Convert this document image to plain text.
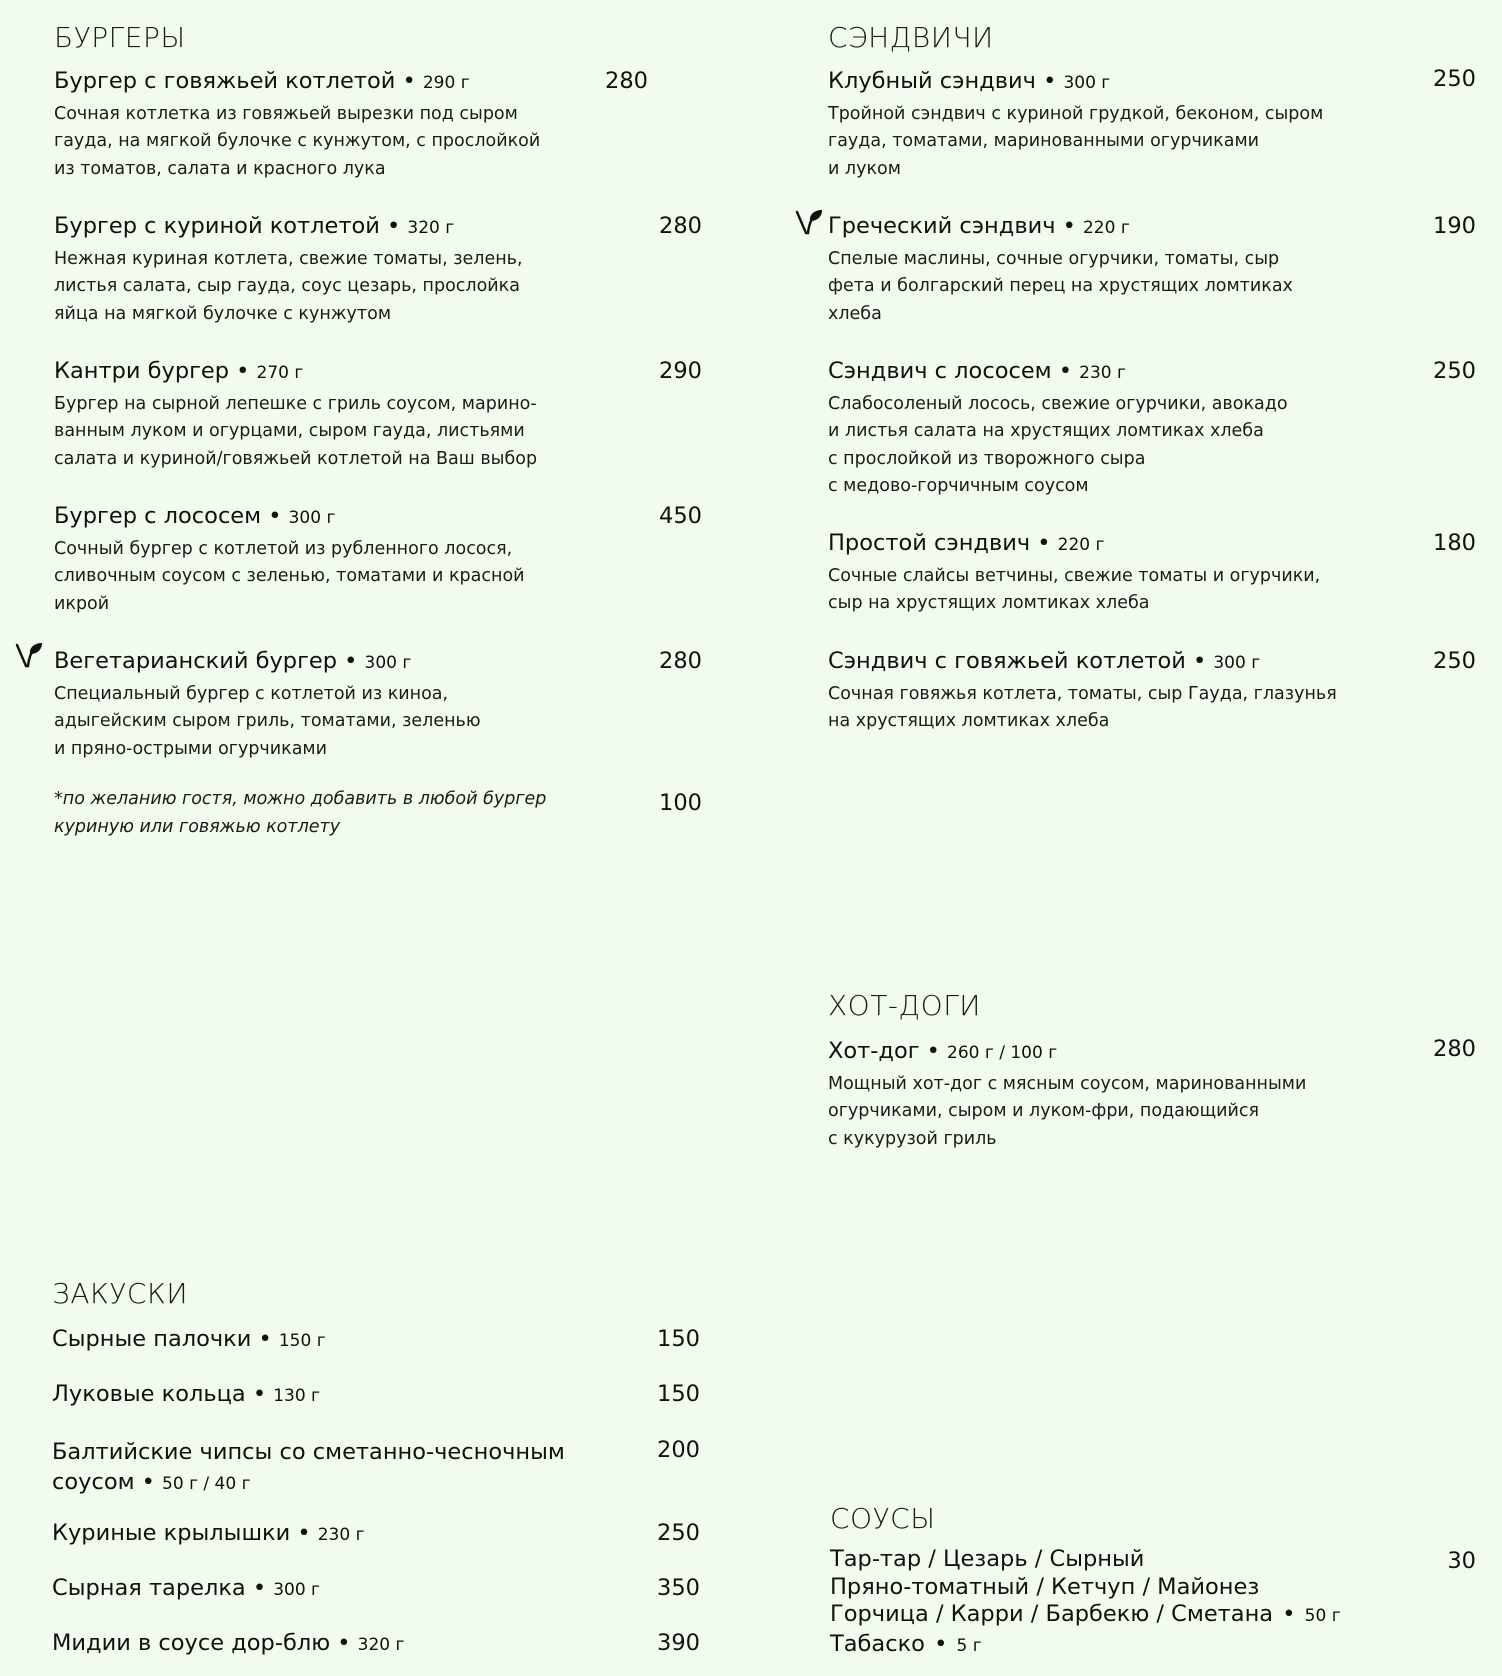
БУРГЕРЫ
Бургер с говяжьей котлетой • 290 г	280
Сочная котлетка из говяжьей вырезки под сыром
гауда, на мягкой булочке с кунжутом, с прослойкой
из томатов, салата и красного лука
Бургер с куриной котлетой • 320 г
Нежная куриная котлета, свежие томаты, зелень,
листья салата, сыр гауда, соус цезарь, прослойка
яйца на мягкой булочке с кунжутом
Кантри бургер • 270 г
Бургер на сырной лепешке с гриль соусом, марино-
ванным луком и огурцами, сыром гауда, листьями
салата и куриной/говяжьей котлетой на Ваш выбор
Бургер с лососем • 300 г
Сочный бургер с котлетой из рубленного лосося,
сливочным соусом с зеленью, томатами и красной
икрой
Вегетарианский бургер • 300 г
Специальный бургер с котлетой из киноа,
адыгейским сыром гриль, томатами, зеленью
и пряно-острыми огурчиками
*по желанию гостя, можно добавить в любой бургер
куриную или говяжью котлету
280
290
450
280
100
СЭНДВИЧИ
Клубный сэндвич • 300 г
Тройной сэндвич с куриной грудкой, беконом, сыром
гауда, томатами, маринованными огурчиками
и луком
Греческий сэндвич • 220 г
Спелые маслины, сочные огурчики, томаты, сыр
фета и болгарский перец на хрустящих ломтиках
хлеба
Сэндвич с лососем • 230 г
Слабосоленый лосось, свежие огурчики, авокадо
и листья салата на хрустящих ломтиках хлеба
с прослойкой из творожного сыра
с медово-горчичным соусом
Простой сэндвич • 220 г
Сочные слайсы ветчины, свежие томаты и огурчики,
сыр на хрустящих ломтиках хлеба
Сэндвич с говяжьей котлетой • 300 г
Сочная говяжья котлета, томаты, сыр Гауда, глазунья
на хрустящих ломтиках хлеба
250
190
250
180
250
ХОТ-ДОГИ
Хот-дог • 260 г / 100 г
Мощный хот-дог с мясным соусом, маринованными
огурчиками, сыром и луком-фри, подающийся
с кукурузой гриль
280
ЗАКУСКИ
Сырные палочки • 150 г
Луковые кольца • 130 г
Балтийские чипсы со сметанно-чесночным
соусом • 50 г / 40 г
Куриные крылышки • 230 г
Сырная тарелка • 300 г
Мидии в соусе дор-блю • 320 г
150
150
200
250
350
390
СОУСЫ
Тар-тар / Цезарь / Сырный
Пряно-томатный / Кетчуп / Майонез
Горчица / Карри / Барбекю / Сметана • 50 г
Табаско • 5 г
30
